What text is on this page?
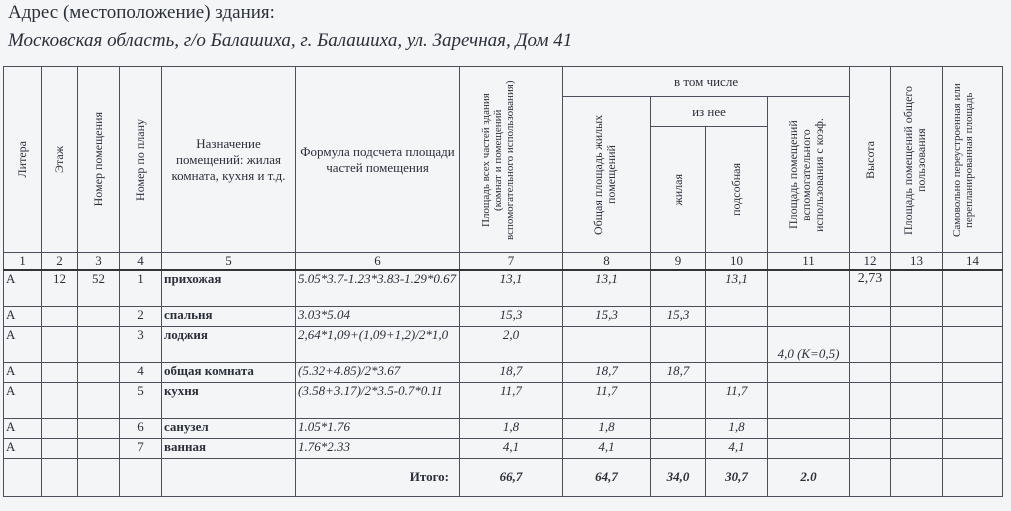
Адрес (местоположение) здания:
Московская область, г/о Балашиха, г. Балашиха, ул. Заречная, Дом 41
Литера	Этаж	Номер помещения	Номер по плану	Назначение помещений: жилая комната, кухня и т.д.	Формула подсчета площади частей помещения	Площадь всех частей здания (комнат и помещений вспомогательного использования)	в том числе				Высота	Площадь помещений общего пользования	Самовольно переустроенная или перепланированная площадь

							Общая площадь жилых помещений	из нее		Площадь помещений вспомогательного использования с коэф.			

								жилая	подсобная				

1	2	3	4	5	6	7	8	9	10	11	12	13	14
А	12	52	1	прихожая	5.05*3.7-1.23*3.83-1.29*0.67	13,1	13,1		13,1		2,73		
А			2	спальня	3.03*5.04	15,3	15,3	15,3					
А			3	лоджия	2,64*1,09+(1,09+1,2)/2*1,0	2,0				4,0 (К=0,5)			
А			4	общая комната	(5.32+4.85)/2*3.67	18,7	18,7	18,7					
А			5	кухня	(3.58+3.17)/2*3.5-0.7*0.11	11,7	11,7		11,7				
А			6	санузел	1.05*1.76	1,8	1,8		1,8				
А			7	ванная	1.76*2.33	4,1	4,1		4,1				
					Итого:	66,7	64,7	34,0	30,7	2.0			
